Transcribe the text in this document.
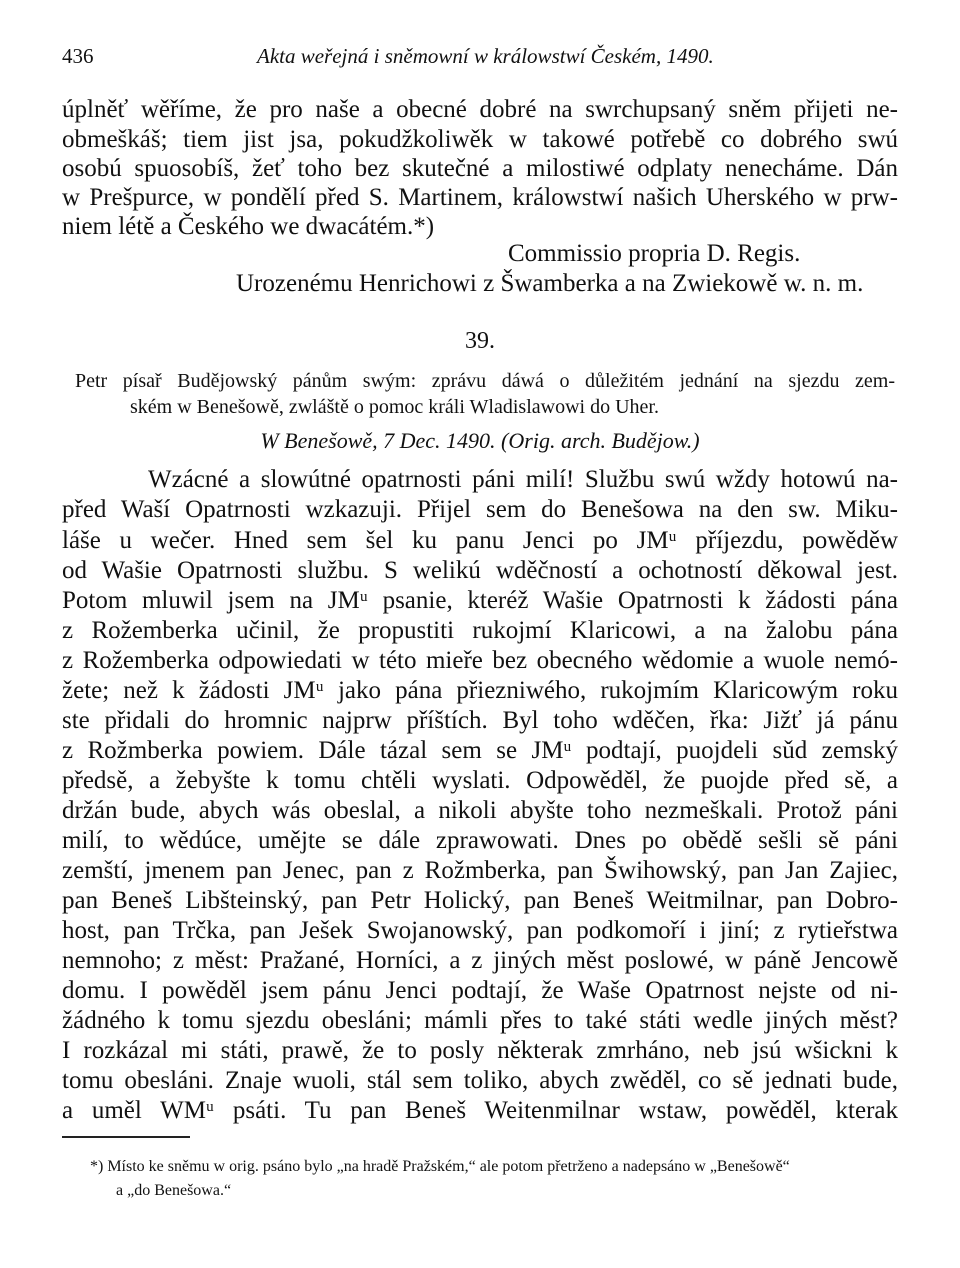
436	Akta weřejná i sněmowní w králowstwí Českém, 1490.
úplněť wěříme, že pro naše a obecné dobré na swrchupsaný sněm přijeti ne-
obmeškáš; tiem jist jsa, pokudžkoliwěk w takowé potřebě co dobrého swú
osobú spuosobíš, žeť toho bez skutečné a milostiwé odplaty nenecháme. Dán
w Prešpurce, w pondělí před S. Martinem, králowstwí našich Uherského w prw-
niem létě a Českého we dwacátém.*)
Commissio propria D. Regis.
Urozenému Henrichowi z Šwamberka a na Zwiekowě w. n. m.
39.
Petr písař Budějowský pánům swým: zprávu dáwá o důležitém jednání na sjezdu zem-
ském w Benešowě, zwláště o pomoc králi Wladislawowi do Uher.
W Benešowě, 7 Dec. 1490. (Orig. arch. Budějow.)
Wzácné a slowútné opatrnosti páni milí! Službu swú wždy hotowú na-
před Waší Opatrnosti wzkazuji. Přijel sem do Benešowa na den sw. Miku-
láše u wečer. Hned sem šel ku panu Jenci po JMᵘ příjezdu, powěděw
od Wašie Opatrnosti službu. S welikú wděčností a ochotností děkowal jest.
Potom mluwil jsem na JMᵘ psanie, kteréž Wašie Opatrnosti k žádosti pána
z Rožemberka učinil, že propustiti rukojmí Klaricowi, a na žalobu pána
z Rožemberka odpowiedati w této mieře bez obecného wědomie a wuole nemó-
žete; než k žádosti JMᵘ jako pána přiezniwého, rukojmím Klaricowým roku
ste přidali do hromnic najprw příštích. Byl toho wděčen, řka: Jižť já pánu
z Rožmberka powiem. Dále tázal sem se JMᵘ podtají, puojdeli sǔd zemský
předsě, a žebyšte k tomu chtěli wyslati. Odpowěděl, že puojde před sě, a
držán bude, abych wás obeslal, a nikoli abyšte toho nezmeškali. Protož páni
milí, to wědúce, umějte se dále zprawowati. Dnes po obědě sešli sě páni
zemští, jmenem pan Jenec, pan z Rožmberka, pan Šwihowský, pan Jan Zajiec,
pan Beneš Libšteinský, pan Petr Holický, pan Beneš Weitmilnar, pan Dobro-
host, pan Trčka, pan Ješek Swojanowský, pan podkomoří i jiní; z rytieřstwa
nemnoho; z měst: Pražané, Horníci, a z jiných měst poslowé, w páně Jencowě
domu. I powěděl jsem pánu Jenci podtají, že Waše Opatrnost nejste od ni-
žádného k tomu sjezdu obesláni; mámli přes to také státi wedle jiných měst?
I rozkázal mi státi, prawě, že to posly některak zmrháno, neb jsú wšicknі k
tomu obesláni. Znaje wuoli, stál sem toliko, abych zwěděl, co sě jednati bude,
a uměl WMᵘ psáti. Tu pan Beneš Weitenmilnar wstaw, powěděl, kterak
*) Místo ke sněmu w orig. psáno bylo „na hradě Pražském,“ ale potom přetrženo a nadepsáno w „Benešowě“
a „do Benešowa.“
